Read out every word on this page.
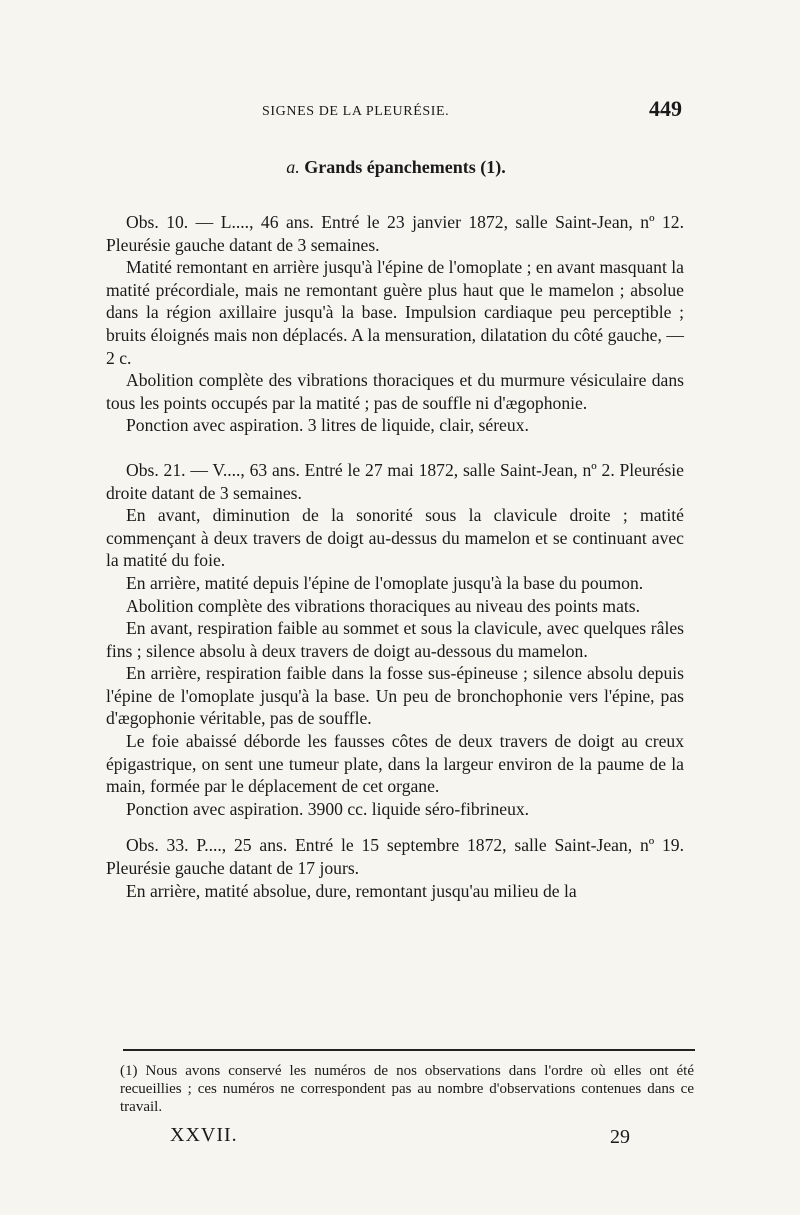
SIGNES DE LA PLEURÉSIE.	449
a. Grands épanchements (1).

Obs. 10. — L...., 46 ans. Entré le 23 janvier 1872, salle Saint-Jean, nº 12. Pleurésie gauche datant de 3 semaines.

Matité remontant en arrière jusqu'à l'épine de l'omoplate ; en avant masquant la matité précordiale, mais ne remontant guère plus haut que le mamelon ; absolue dans la région axillaire jusqu'à la base. Impulsion cardiaque peu perceptible ; bruits éloignés mais non déplacés. A la mensuration, dilatation du côté gauche, — 2 c.

Abolition complète des vibrations thoraciques et du murmure vésiculaire dans tous les points occupés par la matité ; pas de souffle ni d'ægophonie.

Ponction avec aspiration. 3 litres de liquide, clair, séreux.

Obs. 21. — V...., 63 ans. Entré le 27 mai 1872, salle Saint-Jean, nº 2. Pleurésie droite datant de 3 semaines.

En avant, diminution de la sonorité sous la clavicule droite ; matité commençant à deux travers de doigt au-dessus du mamelon et se continuant avec la matité du foie.

En arrière, matité depuis l'épine de l'omoplate jusqu'à la base du poumon.

Abolition complète des vibrations thoraciques au niveau des points mats.

En avant, respiration faible au sommet et sous la clavicule, avec quelques râles fins ; silence absolu à deux travers de doigt au-dessous du mamelon.

En arrière, respiration faible dans la fosse sus-épineuse ; silence absolu depuis l'épine de l'omoplate jusqu'à la base. Un peu de bronchophonie vers l'épine, pas d'ægophonie véritable, pas de souffle.

Le foie abaissé déborde les fausses côtes de deux travers de doigt au creux épigastrique, on sent une tumeur plate, dans la largeur environ de la paume de la main, formée par le déplacement de cet organe.

Ponction avec aspiration. 3900 cc. liquide séro-fibrineux.

Obs. 33. P...., 25 ans. Entré le 15 septembre 1872, salle Saint-Jean, nº 19. Pleurésie gauche datant de 17 jours.

En arrière, matité absolue, dure, remontant jusqu'au milieu de la

(1) Nous avons conservé les numéros de nos observations dans l'ordre où elles ont été recueillies ; ces numéros ne correspondent pas au nombre d'observations contenues dans ce travail.

XXVII.	29
